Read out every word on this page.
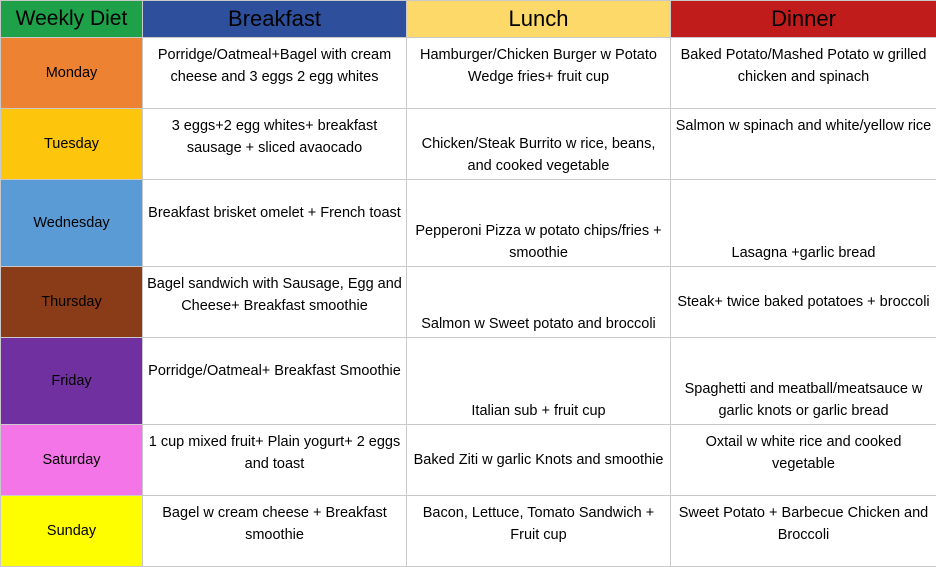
Weekly Diet	Breakfast	Lunch	Dinner
Monday	Porridge/Oatmeal+Bagel with cream cheese and 3 eggs 2 egg whites	Hamburger/Chicken Burger w Potato Wedge fries+ fruit cup	Baked Potato/Mashed Potato w grilled chicken and spinach
Tuesday	3 eggs+2 egg whites+ breakfast sausage + sliced avaocado	Chicken/Steak Burrito w rice, beans, and cooked vegetable	Salmon w spinach and white/yellow rice
Wednesday	Breakfast brisket omelet + French toast	Pepperoni Pizza w potato chips/fries + smoothie	Lasagna +garlic bread
Thursday	Bagel sandwich with Sausage, Egg and Cheese+ Breakfast smoothie	Salmon w Sweet potato and broccoli	Steak+ twice baked potatoes + broccoli
Friday	Porridge/Oatmeal+ Breakfast Smoothie	Italian sub + fruit cup	Spaghetti and meatball/meatsauce w garlic knots or garlic bread
Saturday	1 cup mixed fruit+ Plain yogurt+ 2 eggs and toast	Baked Ziti w garlic Knots and smoothie	Oxtail w white rice and cooked vegetable
Sunday	Bagel w cream cheese + Breakfast smoothie	Bacon, Lettuce, Tomato Sandwich + Fruit cup	Sweet Potato + Barbecue Chicken and Broccoli
